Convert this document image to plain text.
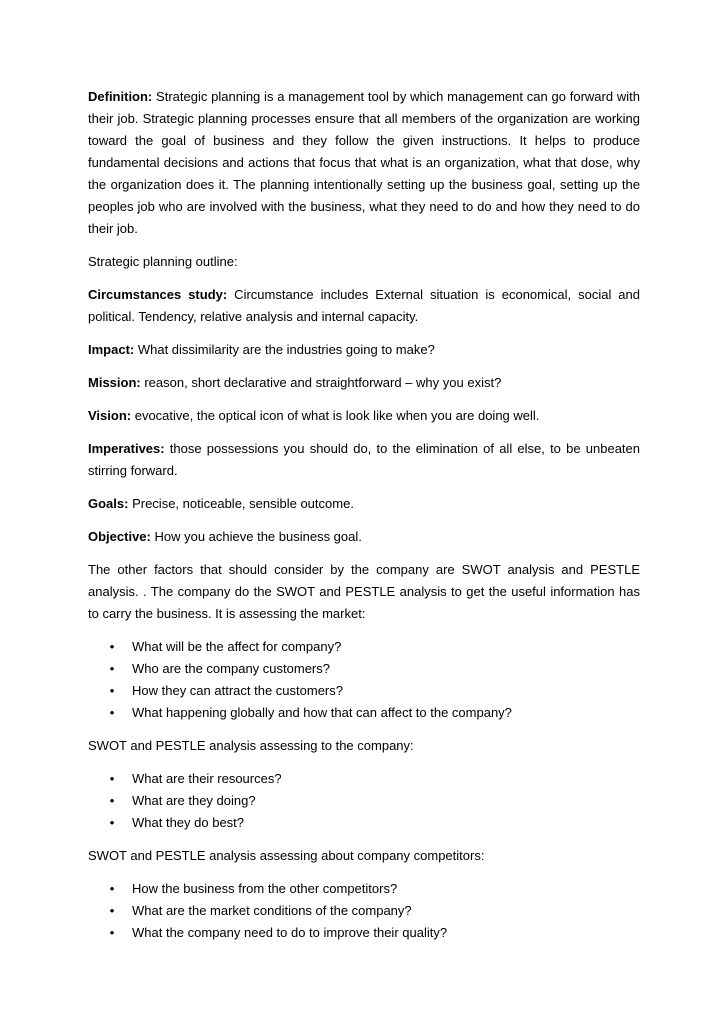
Definition: Strategic planning is a management tool by which management can go forward with their job. Strategic planning processes ensure that all members of the organization are working toward the goal of business and they follow the given instructions. It helps to produce fundamental decisions and actions that focus that what is an organization, what that dose, why the organization does it. The planning intentionally setting up the business goal, setting up the peoples job who are involved with the business, what they need to do and how they need to do their job.

Strategic planning outline:

Circumstances study: Circumstance includes External situation is economical, social and political. Tendency, relative analysis and internal capacity.

Impact: What dissimilarity are the industries going to make?

Mission: reason, short declarative and straightforward – why you exist?

Vision: evocative, the optical icon of what is look like when you are doing well.

Imperatives: those possessions you should do, to the elimination of all else, to be unbeaten stirring forward.

Goals: Precise, noticeable, sensible outcome.

Objective: How you achieve the business goal.

The other factors that should consider by the company are SWOT analysis and PESTLE analysis. . The company do the SWOT and PESTLE analysis to get the useful information has to carry the business. It is assessing the market:

• What will be the affect for company?
• Who are the company customers?
• How they can attract the customers?
• What happening globally and how that can affect to the company?

SWOT and PESTLE analysis assessing to the company:

• What are their resources?
• What are they doing?
• What they do best?

SWOT and PESTLE analysis assessing about company competitors:

• How the business from the other competitors?
• What are the market conditions of the company?
• What the company need to do to improve their quality?
